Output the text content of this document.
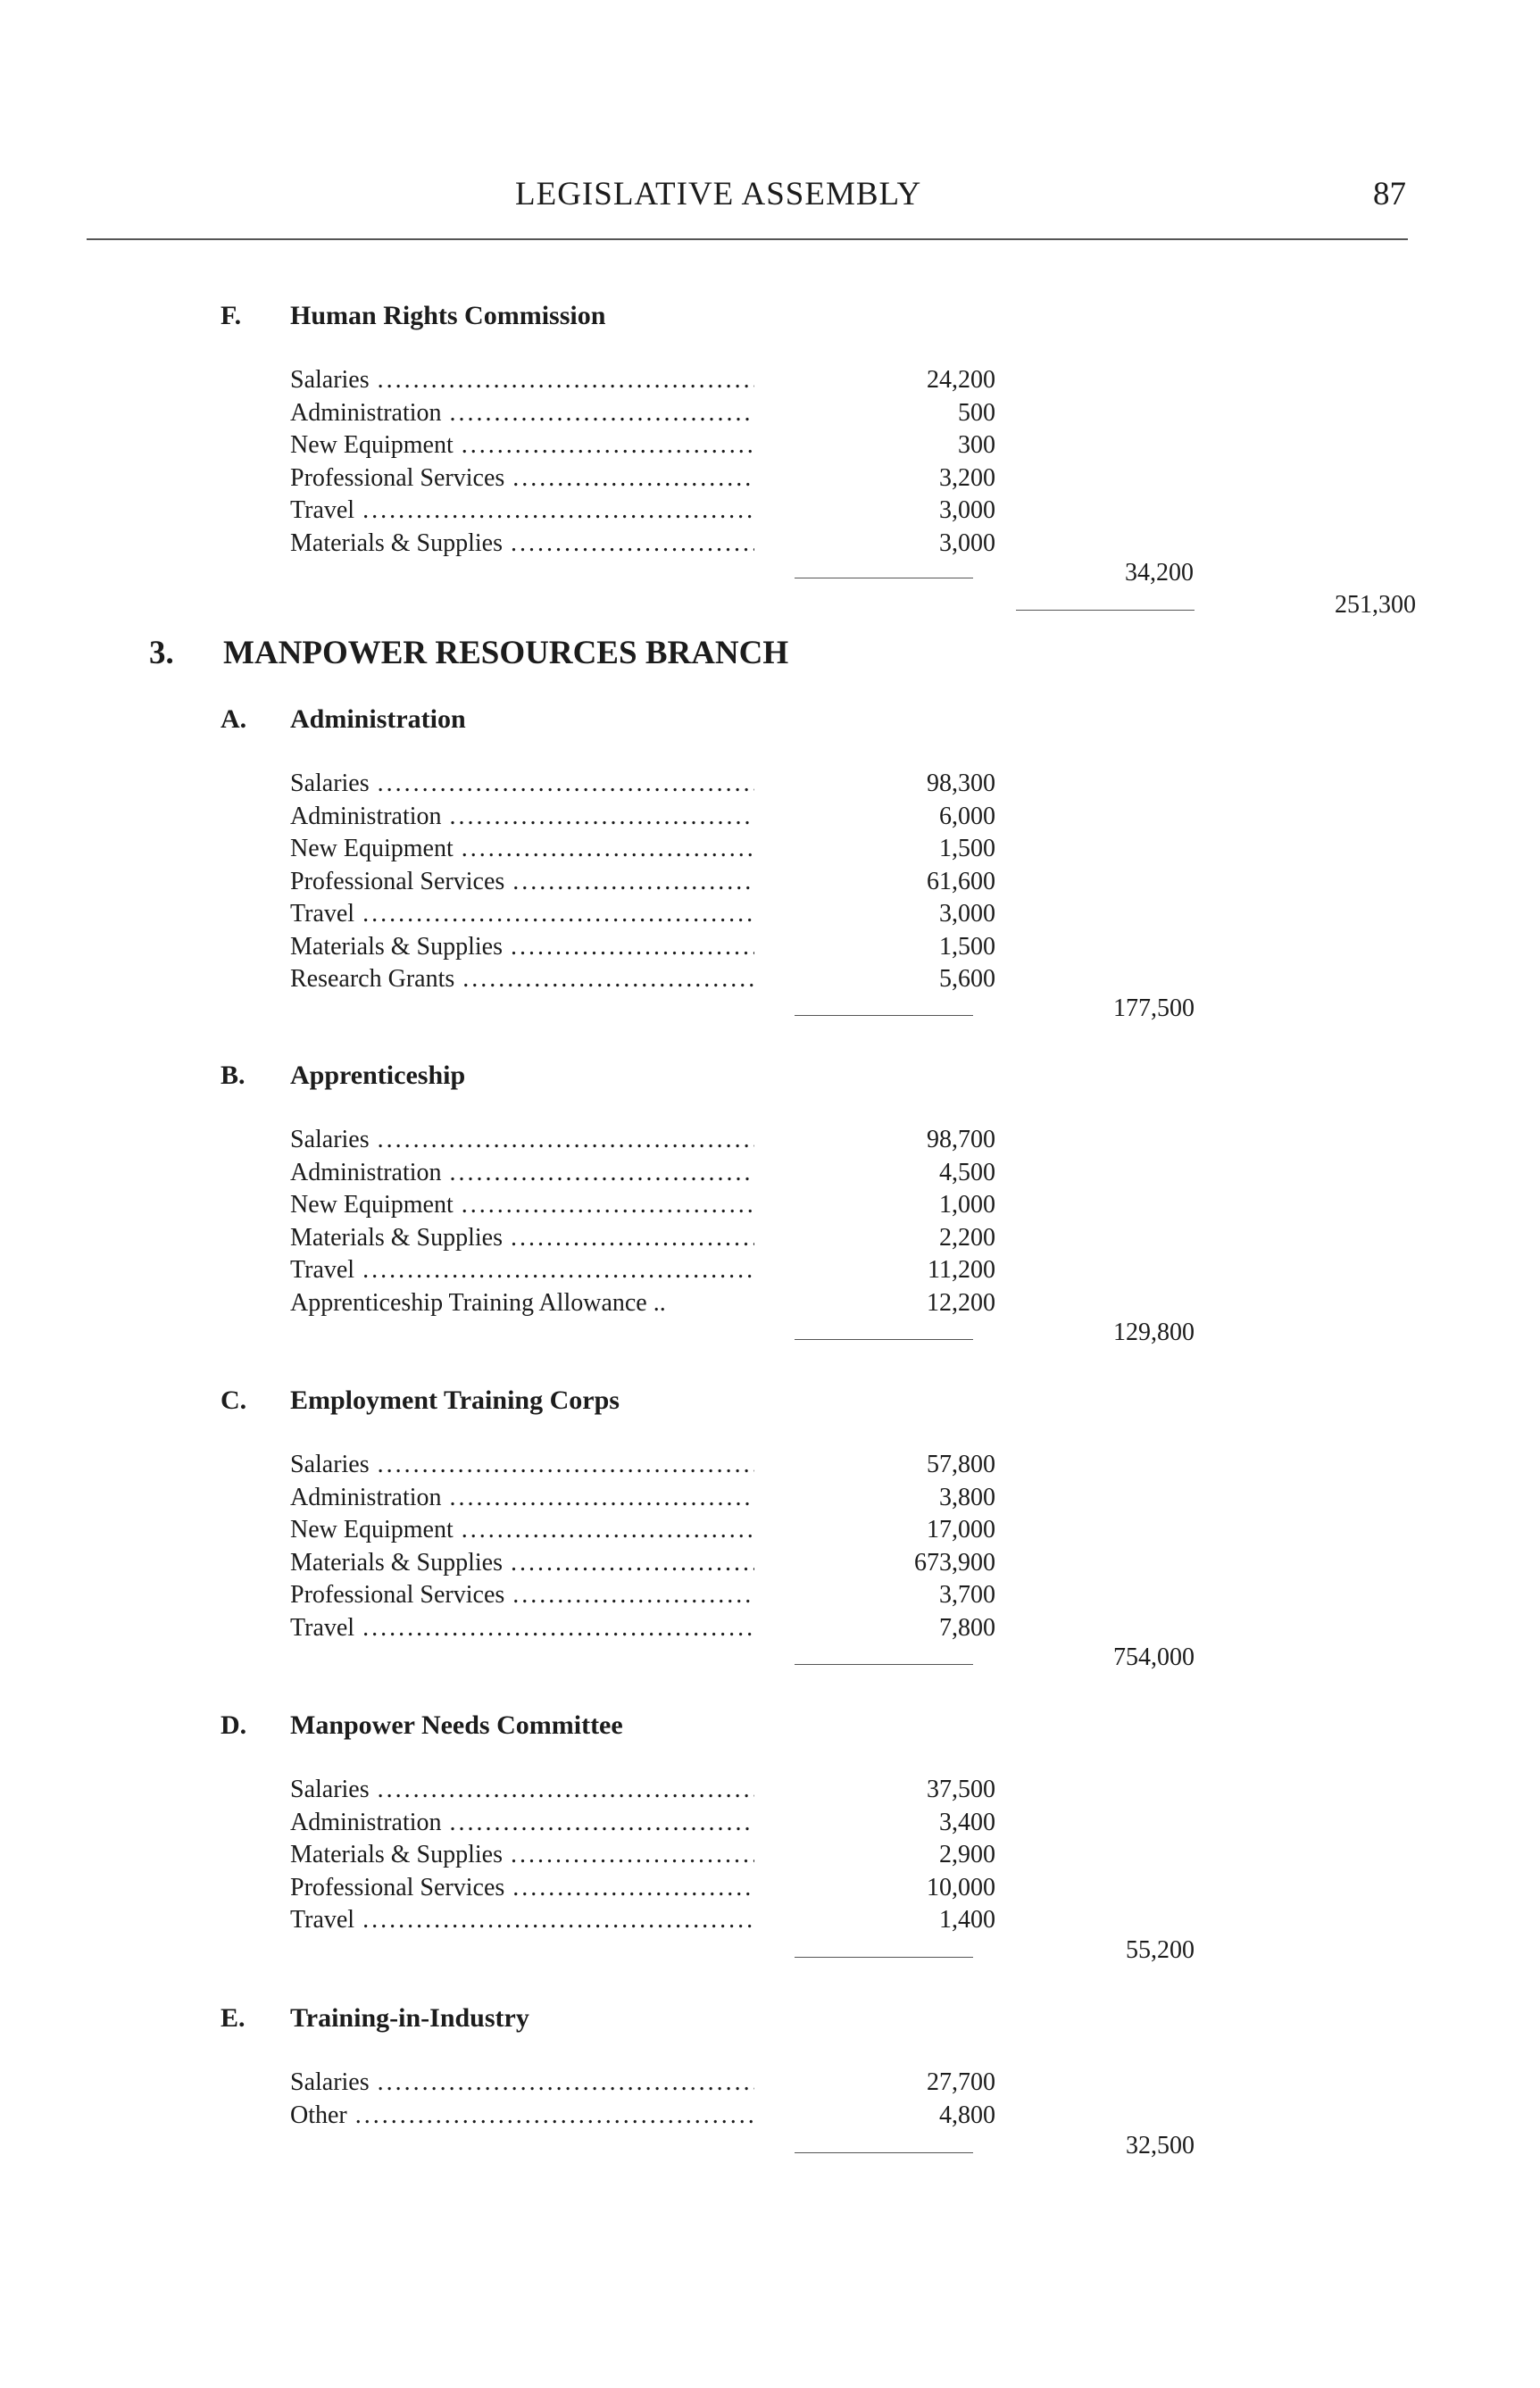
LEGISLATIVE ASSEMBLY	87
F. Human Rights Commission
Salaries . . .	24,200
Administration . . .	500
New Equipment . . .	300
Professional Services . . .	3,200
Travel . . .	3,000
Materials & Supplies . . .	3,000
34,200
251,300
3. MANPOWER RESOURCES BRANCH
A. Administration
Salaries . . .	98,300
Administration . . .	6,000
New Equipment . . .	1,500
Professional Services . . .	61,600
Travel . . .	3,000
Materials & Supplies . . .	1,500
Research Grants . . .	5,600
177,500
B. Apprenticeship
Salaries . . .	98,700
Administration . . .	4,500
New Equipment . . .	1,000
Materials & Supplies . . .	2,200
Travel . . .	11,200
Apprenticeship Training Allowance ..	12,200
129,800
C. Employment Training Corps
Salaries . . .	57,800
Administration . . .	3,800
New Equipment . . .	17,000
Materials & Supplies . . .	673,900
Professional Services . . .	3,700
Travel . . .	7,800
754,000
D. Manpower Needs Committee
Salaries . . .	37,500
Administration . . .	3,400
Materials & Supplies . . .	2,900
Professional Services . . .	10,000
Travel . . .	1,400
55,200
E. Training-in-Industry
Salaries . . .	27,700
Other . . .	4,800
32,500
